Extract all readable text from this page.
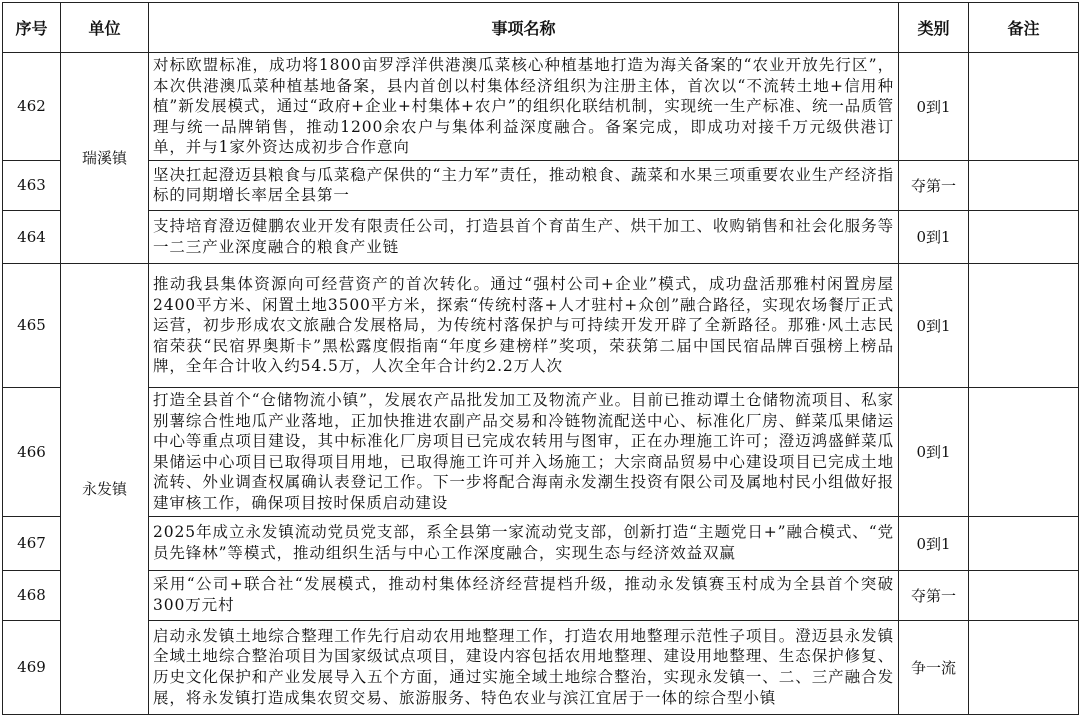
序号	单位	事项名称	类别	备注
462	瑞溪镇	对标欧盟标准，成功将1800亩罗浮洋供港澳瓜菜核心种植基地打造为海关备案的“农业开放先行区”，本次供港澳瓜菜种植基地备案，县内首创以村集体经济组织为注册主体，首次以“不流转土地+信用种植”新发展模式，通过“政府+企业+村集体+农户”的组织化联结机制，实现统一生产标准、统一品质管理与统一品牌销售，推动1200余农户与集体利益深度融合。备案完成，即成功对接千万元级供港订单，并与1家外资达成初步合作意向	0到1	
463		坚决扛起澄迈县粮食与瓜菜稳产保供的“主力军”责任，推动粮食、蔬菜和水果三项重要农业生产经济指标的同期增长率居全县第一	夺第一	
464		支持培育澄迈健鹏农业开发有限责任公司，打造县首个育苗生产、烘干加工、收购销售和社会化服务等一二三产业深度融合的粮食产业链	0到1	
465	永发镇	推动我县集体资源向可经营资产的首次转化。通过“强村公司+企业”模式，成功盘活那雅村闲置房屋2400平方米、闲置土地3500平方米，探索“传统村落+人才驻村+众创”融合路径，实现农场餐厅正式运营，初步形成农文旅融合发展格局，为传统村落保护与可持续开发开辟了全新路径。那雅·风土志民宿荣获“民宿界奥斯卡”黑松露度假指南“年度乡建榜样”奖项，荣获第二届中国民宿品牌百强榜上榜品牌，全年合计收入约54.5万，人次全年合计约2.2万人次	0到1	
466		打造全县首个“仓储物流小镇”，发展农产品批发加工及物流产业。目前已推动谭土仓储物流项目、私家别薯综合性地瓜产业落地，正加快推进农副产品交易和冷链物流配送中心、标准化厂房、鲜菜瓜果储运中心等重点项目建设，其中标准化厂房项目已完成农转用与图审，正在办理施工许可；澄迈鸿盛鲜菜瓜果储运中心项目已取得项目用地，已取得施工许可并入场施工；大宗商品贸易中心建设项目已完成土地流转、外业调查权属确认表登记工作。下一步将配合海南永发潮生投资有限公司及属地村民小组做好报建审核工作，确保项目按时保质启动建设	0到1	
467		2025年成立永发镇流动党员党支部，系全县第一家流动党支部，创新打造“主题党日+”融合模式、“党员先锋林”等模式，推动组织生活与中心工作深度融合，实现生态与经济效益双赢	0到1	
468		采用“公司+联合社“发展模式，推动村集体经济经营提档升级，推动永发镇赛玉村成为全县首个突破300万元村	夺第一	
469		启动永发镇土地综合整理工作先行启动农用地整理工作，打造农用地整理示范性子项目。澄迈县永发镇全域土地综合整治项目为国家级试点项目，建设内容包括农用地整理、建设用地整理、生态保护修复、历史文化保护和产业发展导入五个方面，通过实施全域土地综合整治，实现永发镇一、二、三产融合发展，将永发镇打造成集农贸交易、旅游服务、特色农业与滨江宜居于一体的综合型小镇	争一流	
